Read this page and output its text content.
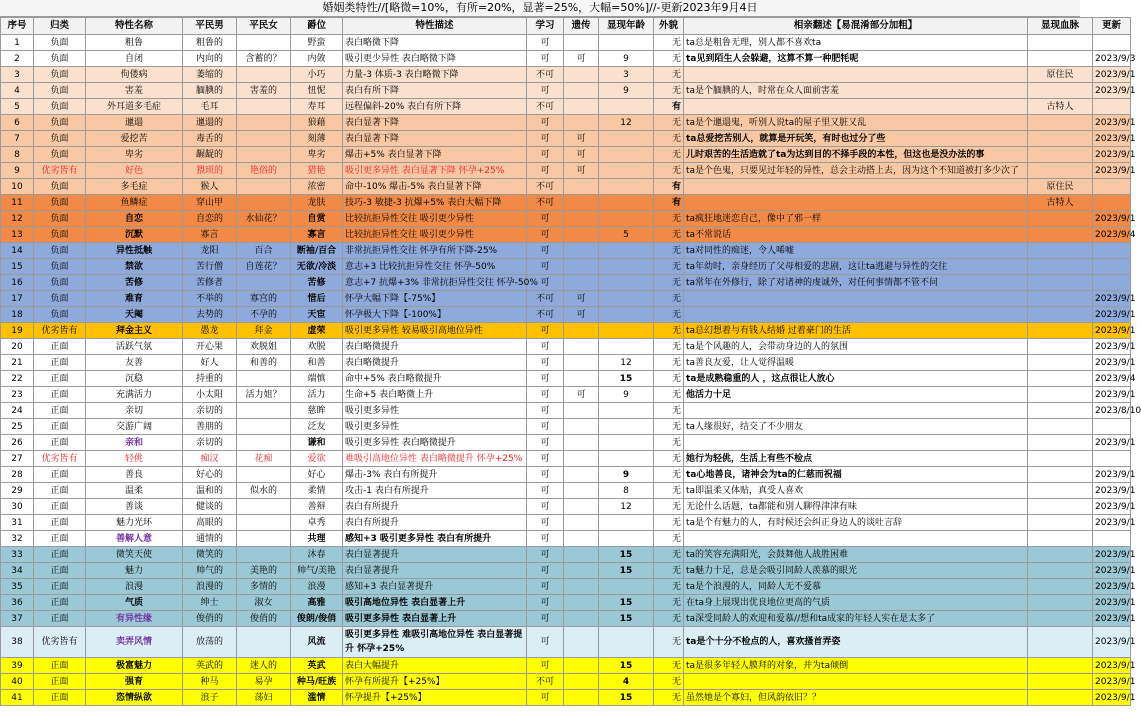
婚姻类特性//[略微=10%，有所=20%，显著=25%，大幅=50%]//-更新2023年9月4日
序号	归类	特性名称	平民男	平民女	爵位	特性描述	学习	遗传	显现年龄	外貌	相亲翻述【易混淆部分加粗】	显现血脉	更新
1	负面	粗鲁	粗鲁的		野蛮	表白略微下降	可			无	ta总是粗鲁无理，别人都不喜欢ta		
2	负面	自闭	内向的	含蓄的？	内敛	吸引更少异性 表白略微下降	可	可	9	无	ta见到陌生人会躲避，这算不算一种肥牦呢		2023/9/3
3	负面	佝偻病	萎缩的		小巧	力量-3 体质-3 表白略微下降	不可		3	无		原住民	2023/9/1
4	负面	害羞	腼腆的	害羞的	忸怩	表白有所下降	可		9	无	ta是个腼腆的人，时常在众人面前害羞		2023/9/1
5	负面	外耳道多毛症	毛耳		寿耳	远程偏斜-20% 表白有所下降	不可			有		古特人	
6	负面	邋遢	邋遢的		狼藉	表白显著下降	可		12	无	ta是个邋遢鬼，听别人说ta的屋子里又脏又乱		2023/9/1
7	负面	爱挖苦	毒舌的		刻薄	表白显著下降	可	可		无	ta总爱挖苦别人，就算是开玩笑，有时也过分了些		2023/9/1
8	负面	卑劣	龌龊的		卑劣	爆击+5% 表白显著下降	可	可		无	儿时艰苦的生活造就了ta为达到目的不择手段的本性，但这也是没办法的事		2023/9/1
9	优劣皆有	好色	猥琐的	艳俗的	猎艳	吸引更多异性 表白显著下降 怀孕+25%	可	可		无	ta是个色鬼，只要见过年轻的异性，总会主动搭上去，因为这个不知道被打多少次了		2023/9/1
10	负面	多毛症	猴人		浓密	命中-10% 爆击-5% 表白显著下降	不可			有		原住民	
11	负面	鱼鳞症	穿山甲		龙肤	技巧-3 敏捷-3 抗爆+5% 表白大幅下降	不可			有		古特人	
12	负面	自恋	自恋的	水仙花？	自赏	比较抗拒异性交往 吸引更少异性	可			无	ta疯狂地迷恋自己，像中了邪一样		2023/9/1
13	负面	沉默	寡言		寡言	比较抗拒异性交往 吸引更少异性	可		5	无	ta不常说话		2023/9/4
14	负面	异性抵触	龙阳	百合	断袖/百合	非常抗拒异性交往 怀孕有所下降-25%	可			无	ta对同性的痴迷，令人唏嘘		
15	负面	禁欲	苦行僧	自莲花？	无欲/冷淡	意志+3 比较抗拒异性交往 怀孕-50%	可			无	ta年幼时，亲身经历了父母相爱的悲剧，这让ta逃避与异性的交往		
16	负面	苦修	苦修者		苦修	意志+7 抗爆+3% 非常抗拒异性交往 怀孕-50%	可			无	ta常年在外修行，除了对诸神的虔诚外，对任何事情都不管不问		
17	负面	难育	不举的	寡宫的	惜后	怀孕大幅下降【-75%】	不可	可		无			2023/9/1
18	负面	天阉	去势的	不孕的	天宦	怀孕极大下降【-100%】	不可	可		无			2023/9/1
19	优劣皆有	拜金主义	愚龙	拜金	虚荣	吸引更多异性 较易吸引高地位异性	可			无	ta总幻想着与有钱人结婚 过着豪门的生活		2023/9/1
20	正面	活跃气氛	开心果	欢脱姐	欢脱	表白略微提升	可			无	ta是个风趣的人，会带动身边的人的氛围		2023/9/1
21	正面	友善	好人	和善的	和善	表白略微提升	可		12	无	ta善良友爱，让人觉得温暖		2023/9/1
22	正面	沉稳	持重的		端慎	命中+5% 表白略微提升	可		15	无	ta是成熟稳重的人 ，这点很让人放心		2023/9/4
23	正面	充满活力	小太阳	活力姐？	活力	生命+5 表白略微上升	可	可	9	无	他活力十足		2023/9/1
24	正面	亲切	亲切的		慈眸	吸引更多异性	可			无			2023/8/10
25	正面	交游广阔	善朋的		泛友	吸引更多异性	可			无	ta人缘很好，结交了不少朋友		
26	正面	亲和	亲切的		谦和	吸引更多异性 表白略微提升	可			无			2023/9/1
27	优劣皆有	轻佻	痴汉	花痴	爱欲	难吸引高地位异性 表白略微提升 怀孕+25%	可			无	她行为轻佻，生活上有些不检点		
28	正面	善良	好心的		好心	爆击-3% 表白有所提升	可		9	无	ta心地善良，诸神会为ta的仁慈而祝福		2023/9/1
29	正面	温柔	温和的	似水的	柔情	攻击-1 表白有所提升	可		8	无	ta即温柔又体贴，真受人喜欢		2023/9/1
30	正面	善谈	健谈的		善辩	表白有所提升	可		12	无	无论什么话题，ta都能和别人聊得津津有味		2023/9/1
31	正面	魅力光环	高眼的		卓秀	表白有所提升	可			无	ta是个有魅力的人，有时候还会纠正身边人的谈吐言辞		2023/9/1
32	正面	善解人意	通情的		共理	感知+3 吸引更多异性 表白有所提升	可			无			
33	正面	微笑天使	微笑的		沐春	表白显著提升	可		15	无	ta的笑容充满阳光，会鼓舞他人战胜困难		2023/9/1
34	正面	魅力	帅气的	美艳的	帅气/美艳	表白显著提升	可		15	无	ta魅力十足，总是会吸引同龄人羡慕的眼光		2023/9/1
35	正面	浪漫	浪漫的	多情的	浪漫	感知+3 表白显著提升	可			无	ta是个浪漫的人，同龄人无不爱慕		2023/9/1
36	正面	气质	绅士	淑女	高雅	吸引高地位异性 表白显著上升	可		15	无	在ta身上展现出优良地位更高的气质		2023/9/1
37	正面	有异性缘	俊俏的	俊俏的	俊朗/俊俏	吸引更多异性 表白显著上升	可		15	无	ta深受同龄人的欢迎和爱慕//想和ta成家的年轻人实在是太多了		2023/9/1
38	优劣皆有	卖弄风情	放荡的		风流	吸引更多异性 难吸引高地位异性 表白显著提升 怀孕+25%	可			无	ta是个十分不检点的人，喜欢搔首弄姿		2023/9/1
39	正面	极富魅力	英武的	迷人的	英武	表白大幅提升	可		15	无	ta是很多年轻人膜拜的对象，并为ta倾倒		2023/9/1
40	正面	强育	种马	易孕	种马/旺族	怀孕有所提升【+25%】	不可		4	无			2023/9/1
41	正面	恣情纵欲	浪子	荡妇	滥情	怀孕提升【+25%】	可		15	无	虽然她是个寡妇，但风韵依旧？？		2023/9/1
